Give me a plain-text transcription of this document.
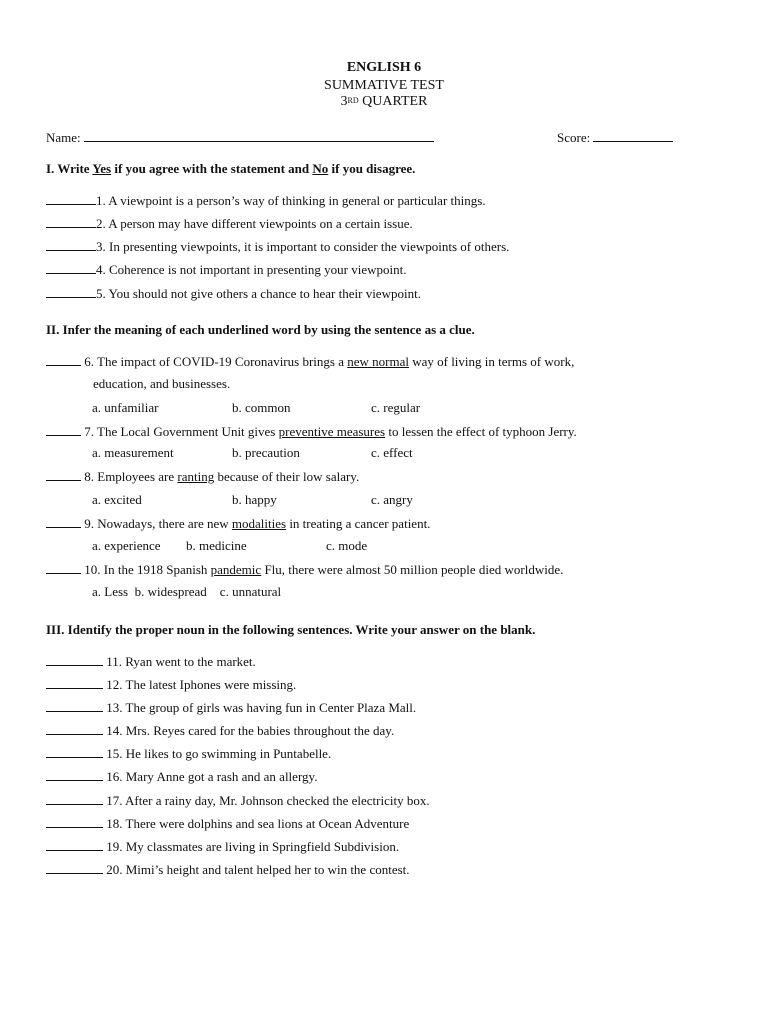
ENGLISH 6
SUMMATIVE TEST
3RD QUARTER
Name:	Score:
I. Write Yes if you agree with the statement and No if you disagree.
1. A viewpoint is a person’s way of thinking in general or particular things.
2. A person may have different viewpoints on a certain issue.
3. In presenting viewpoints, it is important to consider the viewpoints of others.
4. Coherence is not important in presenting your viewpoint.
5. You should not give others a chance to hear their viewpoint.
II. Infer the meaning of each underlined word by using the sentence as a clue.
6. The impact of COVID-19 Coronavirus brings a new normal way of living in terms of work,
education, and businesses.
a. unfamiliar	b. common	c. regular
7. The Local Government Unit gives preventive measures to lessen the effect of typhoon Jerry.
a. measurement	b. precaution	c. effect
8. Employees are ranting because of their low salary.
a. excited	b. happy	c. angry
9. Nowadays, there are new modalities in treating a cancer patient.
a. experience b. medicine	c. mode
10. In the 1918 Spanish pandemic Flu, there were almost 50 million people died worldwide.
a. Less  b. widespread    c. unnatural
III. Identify the proper noun in the following sentences. Write your answer on the blank.
11. Ryan went to the market.
12. The latest Iphones were missing.
13. The group of girls was having fun in Center Plaza Mall.
14. Mrs. Reyes cared for the babies throughout the day.
15. He likes to go swimming in Puntabelle.
16. Mary Anne got a rash and an allergy.
17. After a rainy day, Mr. Johnson checked the electricity box.
18. There were dolphins and sea lions at Ocean Adventure
19. My classmates are living in Springfield Subdivision.
20. Mimi’s height and talent helped her to win the contest.
